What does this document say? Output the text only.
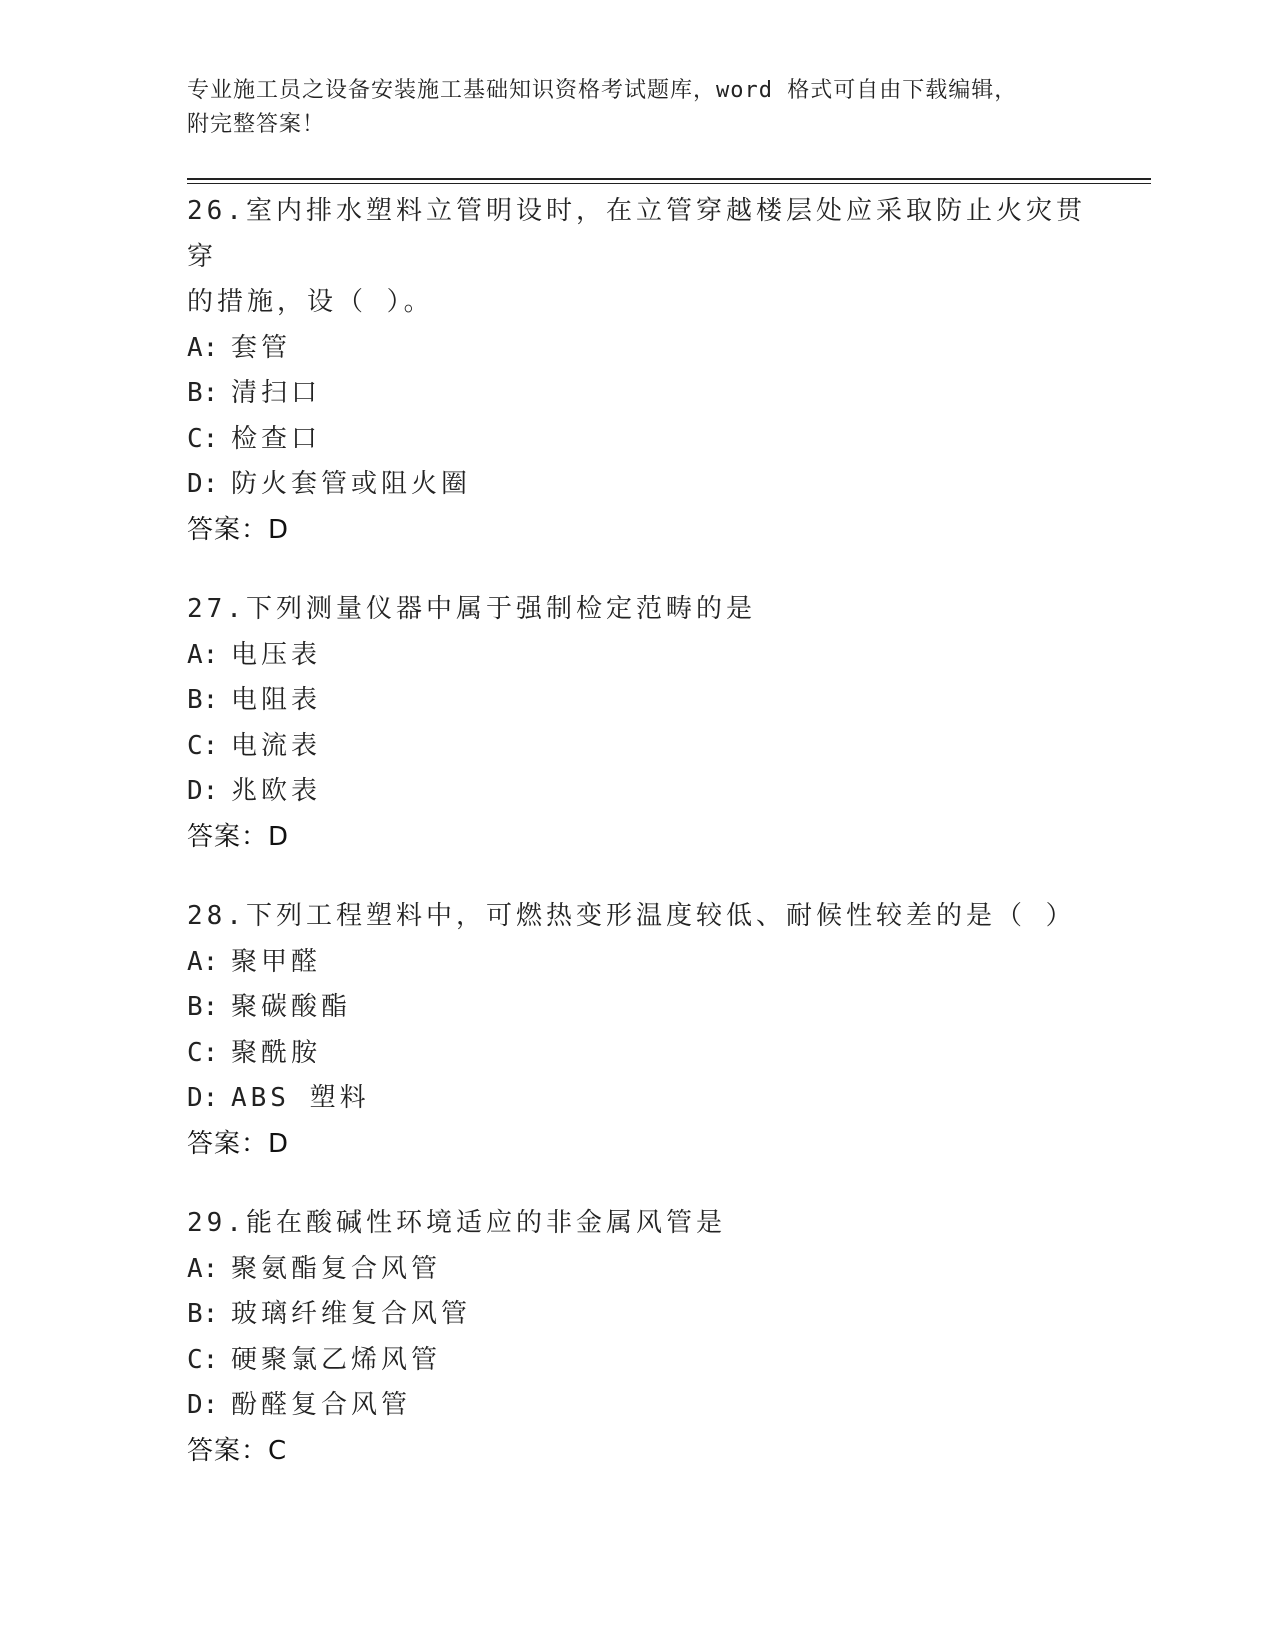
专业施工员之设备安装施工基础知识资格考试题库，word 格式可自由下载编辑，
附完整答案！
26.室内排水塑料立管明设时，在立管穿越楼层处应采取防止火灾贯穿
的措施，设（ ）。
A: 套管
B: 清扫口
C: 检查口
D: 防火套管或阻火圈
答案：D
27.下列测量仪器中属于强制检定范畴的是
A: 电压表
B: 电阻表
C: 电流表
D: 兆欧表
答案：D
28.下列工程塑料中，可燃热变形温度较低、耐候性较差的是（ ）
A: 聚甲醛
B: 聚碳酸酯
C: 聚酰胺
D: ABS 塑料
答案：D
29.能在酸碱性环境适应的非金属风管是
A: 聚氨酯复合风管
B: 玻璃纤维复合风管
C: 硬聚氯乙烯风管
D: 酚醛复合风管
答案：C
